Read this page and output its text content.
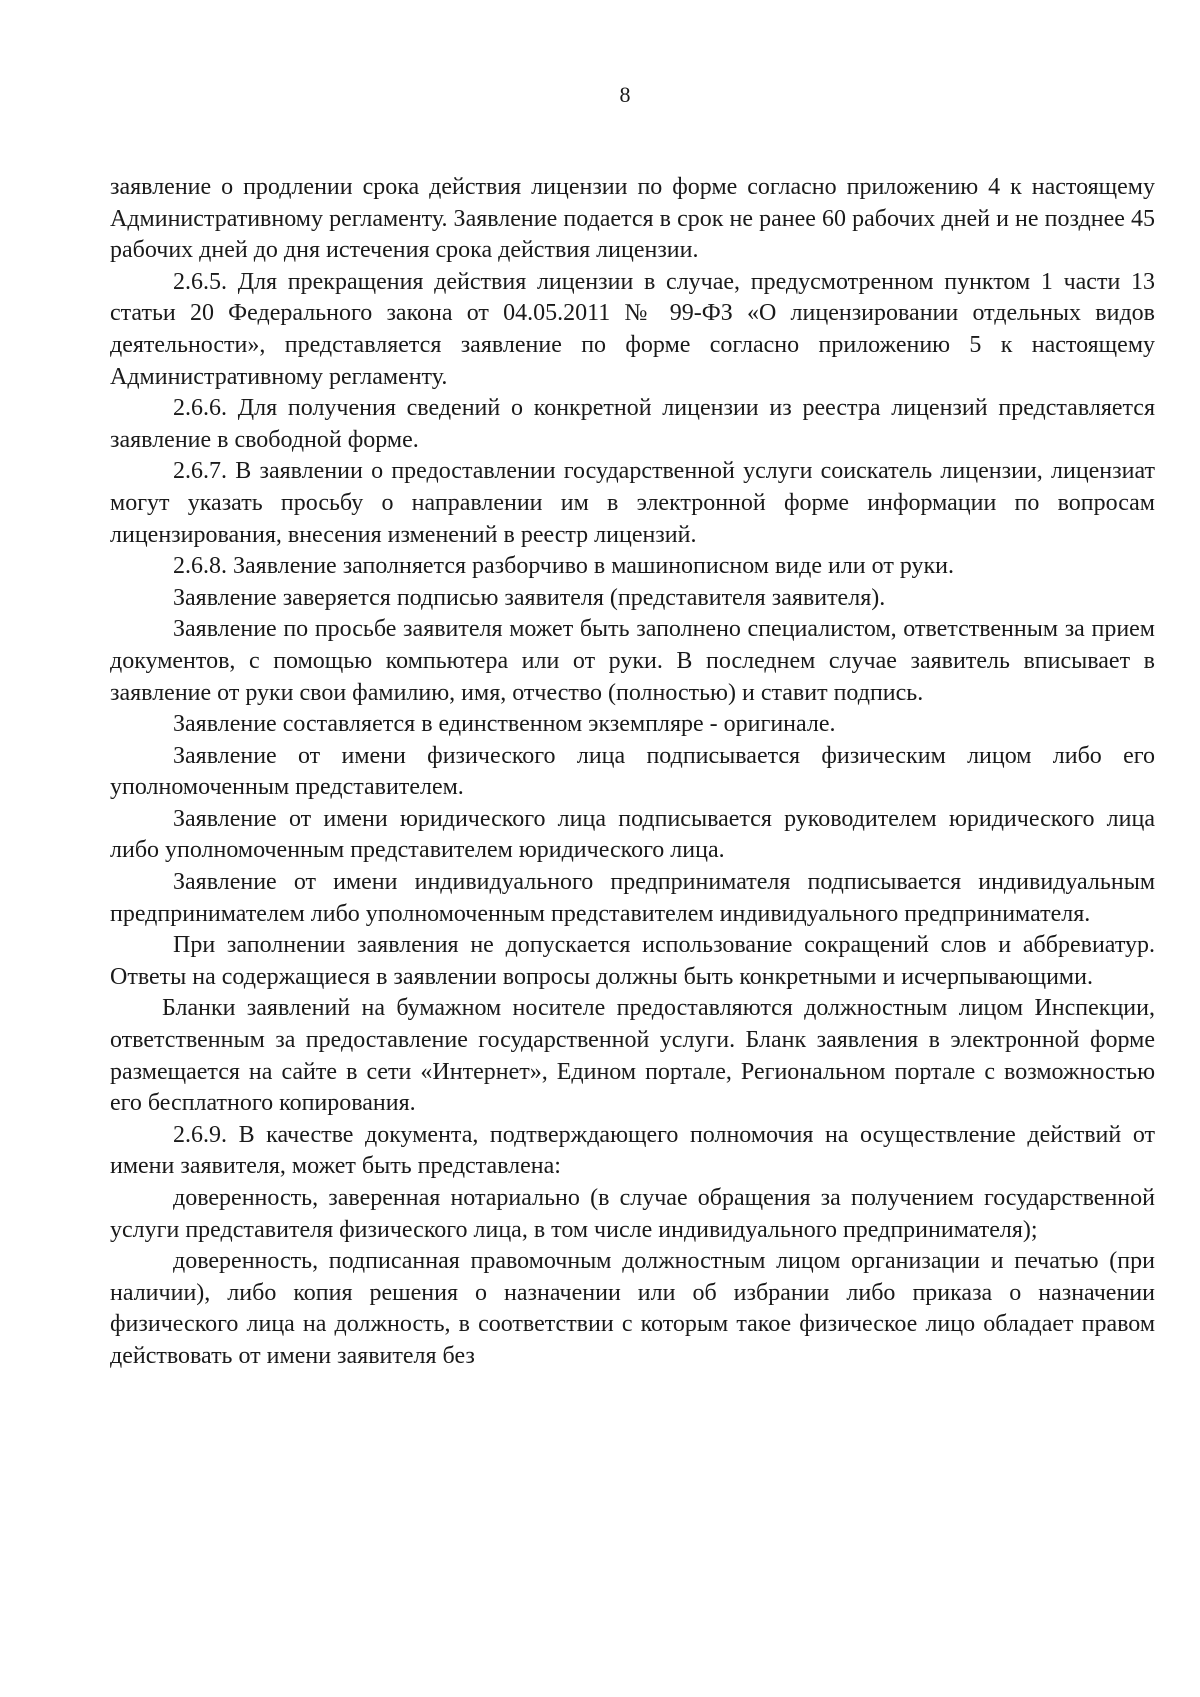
8

заявление о продлении срока действия лицензии по форме согласно приложению 4 к настоящему Административному регламенту. Заявление подается в срок не ранее 60 рабочих дней и не позднее 45 рабочих дней до дня истечения срока действия лицензии.

2.6.5. Для прекращения действия лицензии в случае, предусмотренном пунктом 1 части 13 статьи 20 Федерального закона от 04.05.2011 № 99-ФЗ «О лицензировании отдельных видов деятельности», представляется заявление по форме согласно приложению 5 к настоящему Административному регламенту.

2.6.6. Для получения сведений о конкретной лицензии из реестра лицензий представляется заявление в свободной форме.

2.6.7. В заявлении о предоставлении государственной услуги соискатель лицензии, лицензиат могут указать просьбу о направлении им в электронной форме информации по вопросам лицензирования, внесения изменений в реестр лицензий.

2.6.8. Заявление заполняется разборчиво в машинописном виде или от руки.

Заявление заверяется подписью заявителя (представителя заявителя).

Заявление по просьбе заявителя может быть заполнено специалистом, ответственным за прием документов, с помощью компьютера или от руки. В последнем случае заявитель вписывает в заявление от руки свои фамилию, имя, отчество (полностью) и ставит подпись.

Заявление составляется в единственном экземпляре - оригинале.

Заявление от имени физического лица подписывается физическим лицом либо его уполномоченным представителем.

Заявление от имени юридического лица подписывается руководителем юридического лица либо уполномоченным представителем юридического лица.

Заявление от имени индивидуального предпринимателя подписывается индивидуальным предпринимателем либо уполномоченным представителем индивидуального предпринимателя.

При заполнении заявления не допускается использование сокращений слов и аббревиатур. Ответы на содержащиеся в заявлении вопросы должны быть конкретными и исчерпывающими.

Бланки заявлений на бумажном носителе предоставляются должностным лицом Инспекции, ответственным за предоставление государственной услуги. Бланк заявления в электронной форме размещается на сайте в сети «Интернет», Едином портале, Региональном портале с возможностью его бесплатного копирования.

2.6.9. В качестве документа, подтверждающего полномочия на осуществление действий от имени заявителя, может быть представлена:

доверенность, заверенная нотариально (в случае обращения за получением государственной услуги представителя физического лица, в том числе индивидуального предпринимателя);

доверенность, подписанная правомочным должностным лицом организации и печатью (при наличии), либо копия решения о назначении или об избрании либо приказа о назначении физического лица на должность, в соответствии с которым такое физическое лицо обладает правом действовать от имени заявителя без
